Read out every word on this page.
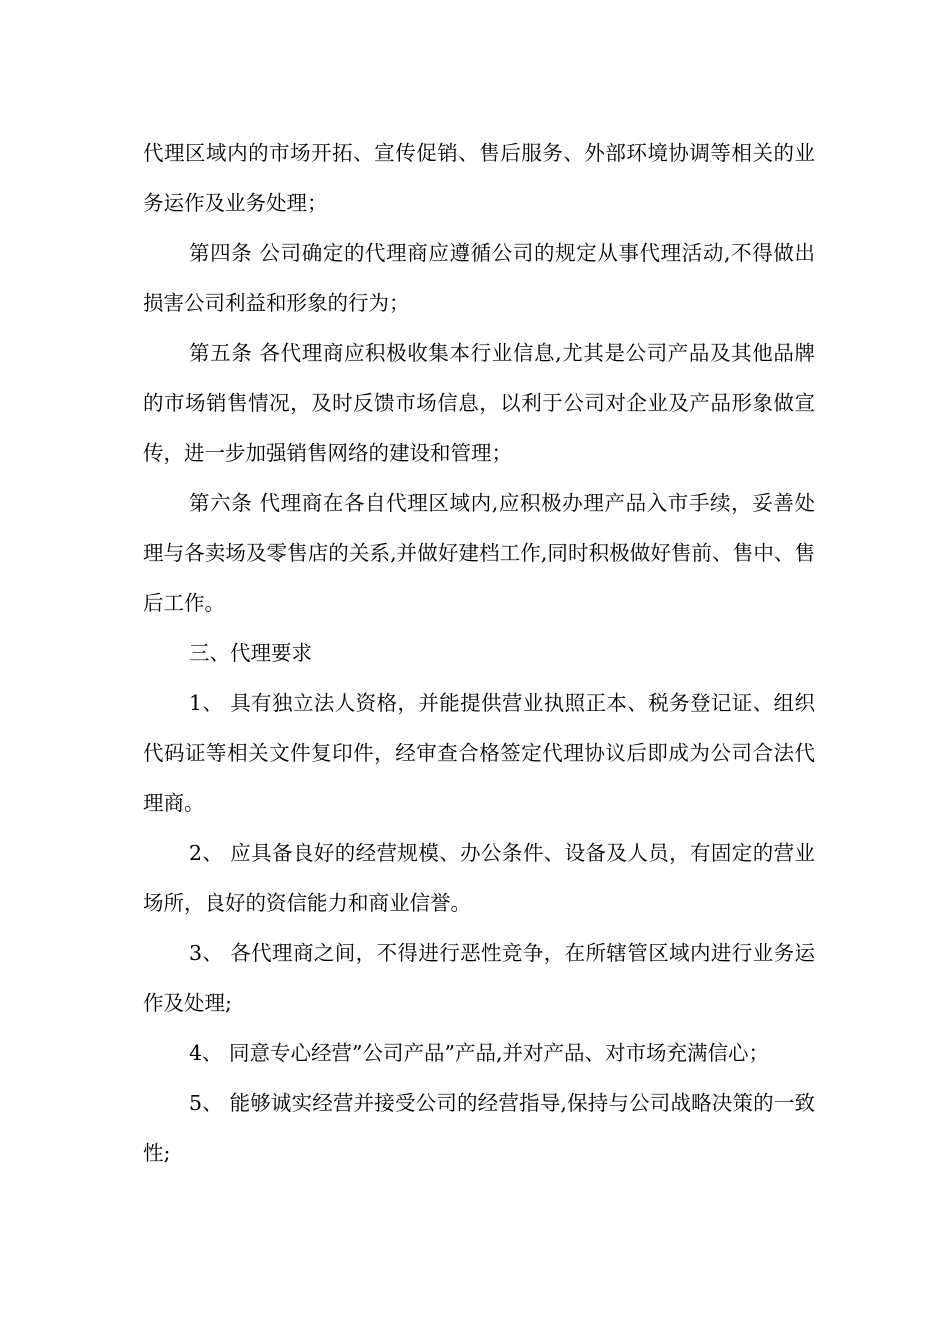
代理区域内的市场开拓、宣传促销、售后服务、外部环境协调等相关的业务运作及业务处理；

第四条 公司确定的代理商应遵循公司的规定从事代理活动,不得做出损害公司利益和形象的行为；

第五条 各代理商应积极收集本行业信息,尤其是公司产品及其他品牌的市场销售情况，及时反馈市场信息，以利于公司对企业及产品形象做宣传，进一步加强销售网络的建设和管理；

第六条 代理商在各自代理区域内,应积极办理产品入市手续，妥善处理与各卖场及零售店的关系,并做好建档工作,同时积极做好售前、售中、售后工作。

三、代理要求

1、 具有独立法人资格，并能提供营业执照正本、税务登记证、组织代码证等相关文件复印件，经审查合格签定代理协议后即成为公司合法代理商。

2、 应具备良好的经营规模、办公条件、设备及人员，有固定的营业场所，良好的资信能力和商业信誉。

3、 各代理商之间，不得进行恶性竞争，在所辖管区域内进行业务运作及处理;

4、 同意专心经营”公司产品”产品,并对产品、对市场充满信心；

5、 能够诚实经营并接受公司的经营指导,保持与公司战略决策的一致性;
